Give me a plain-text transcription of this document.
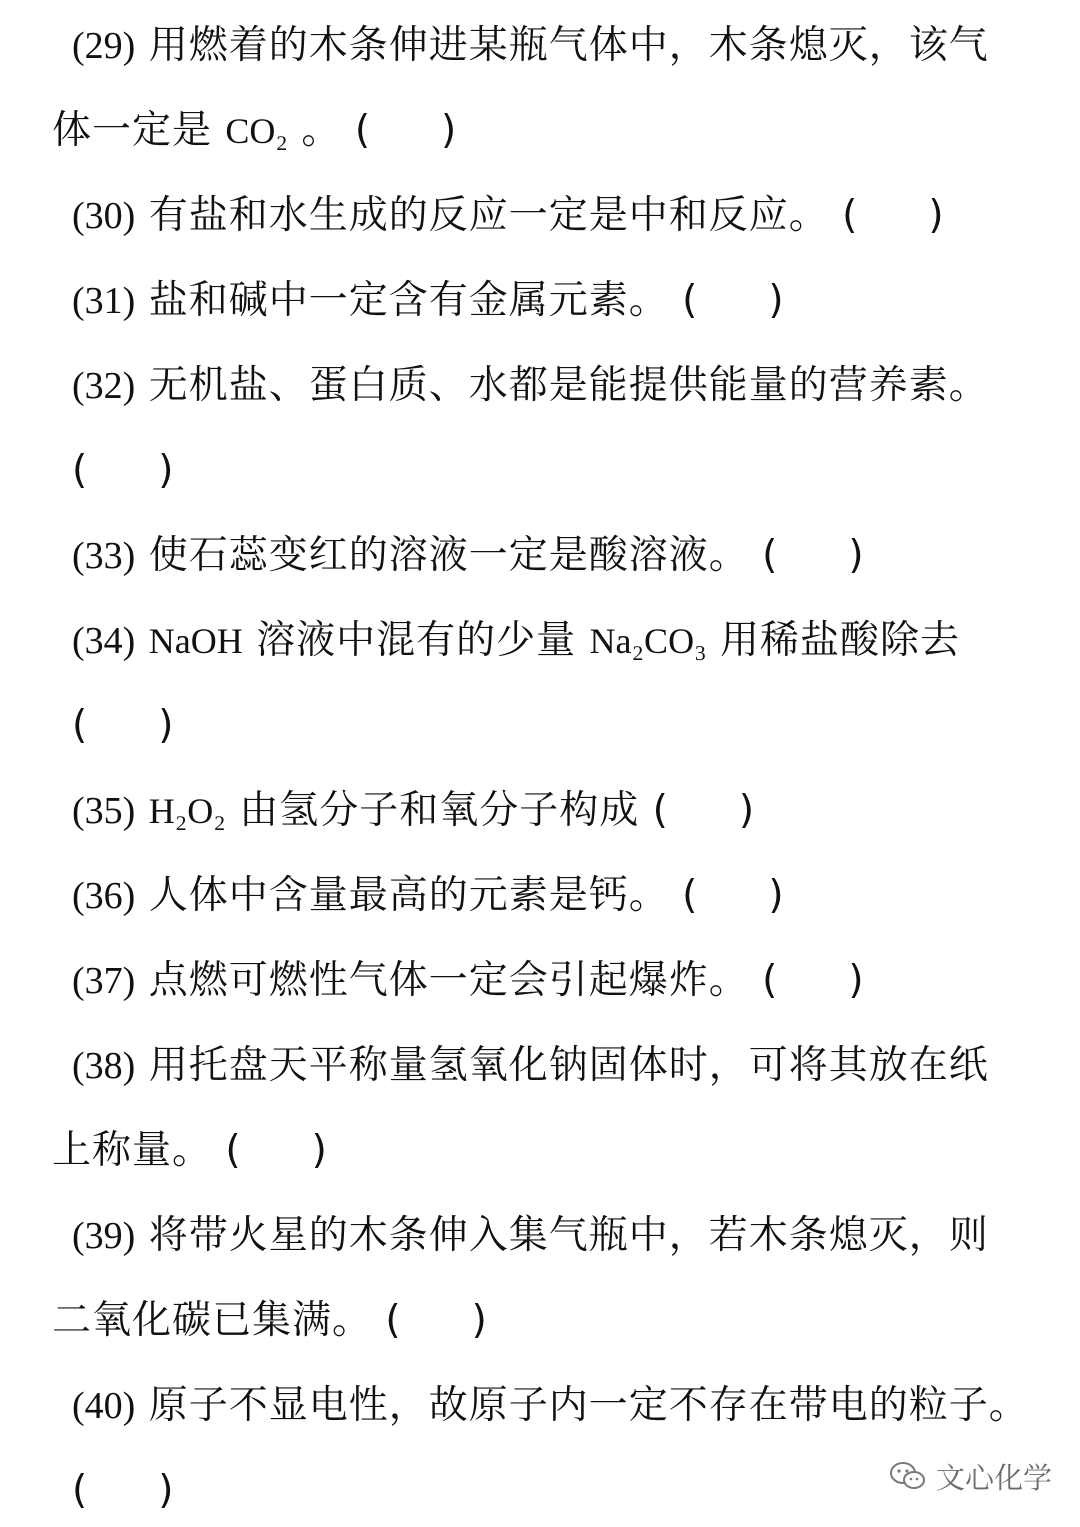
(29) 用燃着的木条伸进某瓶气体中，木条熄灭，该气
体一定是 CO₂ 。 ( )
(30) 有盐和水生成的反应一定是中和反应。 ( )
(31) 盐和碱中一定含有金属元素。 ( )
(32) 无机盐、蛋白质、水都是能提供能量的营养素。
( )
(33) 使石蕊变红的溶液一定是酸溶液。 ( )
(34) NaOH 溶液中混有的少量 Na₂CO₃ 用稀盐酸除去
( )
(35) H₂O₂ 由氢分子和氧分子构成 ( )
(36) 人体中含量最高的元素是钙。 ( )
(37) 点燃可燃性气体一定会引起爆炸。 ( )
(38) 用托盘天平称量氢氧化钠固体时，可将其放在纸
上称量。 ( )
(39) 将带火星的木条伸入集气瓶中，若木条熄灭，则
二氧化碳已集满。 ( )
(40) 原子不显电性，故原子内一定不存在带电的粒子。
( )	文心化学
